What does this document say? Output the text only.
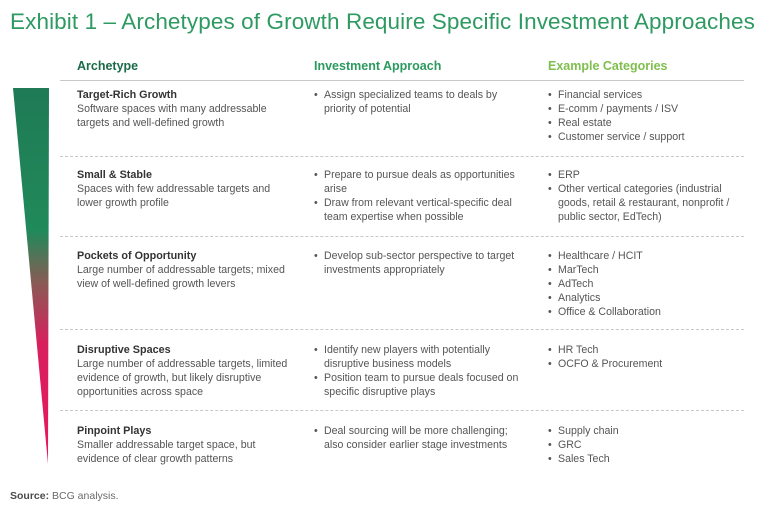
Exhibit 1 – Archetypes of Growth Require Specific Investment Approaches
Archetype	Investment Approach	Example Categories
Target-Rich Growth
Software spaces with many addressable targets and well-defined growth
• Assign specialized teams to deals by priority of potential
• Financial services
• E-comm / payments / ISV
• Real estate
• Customer service / support
Small & Stable
Spaces with few addressable targets and lower growth profile
• Prepare to pursue deals as opportunities arise
• Draw from relevant vertical-specific deal team expertise when possible
• ERP
• Other vertical categories (industrial goods, retail & restaurant, nonprofit / public sector, EdTech)
Pockets of Opportunity
Large number of addressable targets; mixed view of well-defined growth levers
• Develop sub-sector perspective to target investments appropriately
• Healthcare / HCIT
• MarTech
• AdTech
• Analytics
• Office & Collaboration
Disruptive Spaces
Large number of addressable targets, limited evidence of growth, but likely disruptive opportunities across space
• Identify new players with potentially disruptive business models
• Position team to pursue deals focused on specific disruptive plays
• HR Tech
• OCFO & Procurement
Pinpoint Plays
Smaller addressable target space, but evidence of clear growth patterns
• Deal sourcing will be more challenging; also consider earlier stage investments
• Supply chain
• GRC
• Sales Tech
Source: BCG analysis.
